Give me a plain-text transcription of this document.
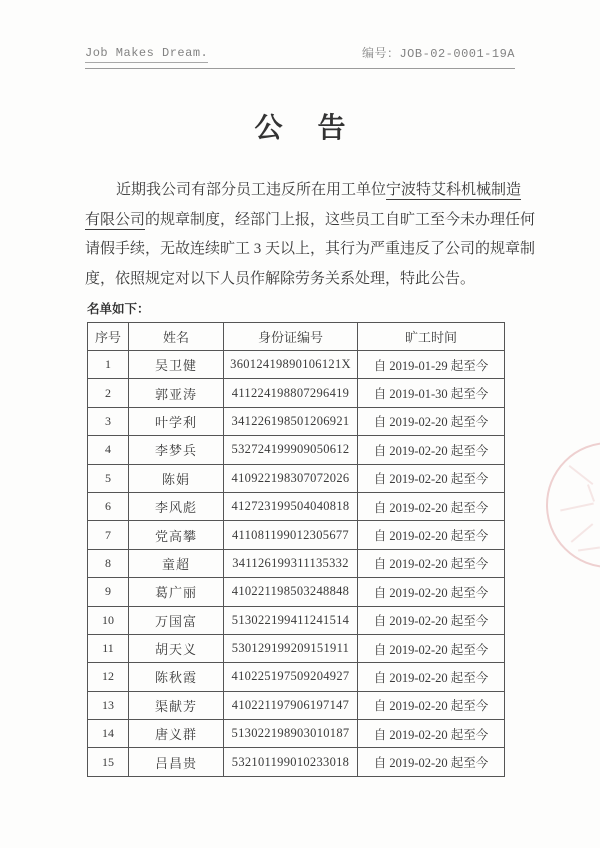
Job Makes Dream.	编号：JOB-02-0001-19A
公 告
近期我公司有部分员工违反所在用工单位宁波特艾科机械制造
有限公司的规章制度，经部门上报，这些员工自旷工至今未办理任何
请假手续，无故连续旷工 3 天以上，其行为严重违反了公司的规章制
度，依照规定对以下人员作解除劳务关系处理，特此公告。
名单如下：
序号	姓名	身份证编号	旷工时间
1	吴卫健	36012419890106121X	自 2019-01-29 起至今
2	郭亚涛	411224198807296419	自 2019-01-30 起至今
3	叶学利	341226198501206921	自 2019-02-20 起至今
4	李梦兵	532724199909050612	自 2019-02-20 起至今
5	陈娟	410922198307072026	自 2019-02-20 起至今
6	李风彪	412723199504040818	自 2019-02-20 起至今
7	党高攀	411081199012305677	自 2019-02-20 起至今
8	童超	341126199311135332	自 2019-02-20 起至今
9	葛广丽	410221198503248848	自 2019-02-20 起至今
10	万国富	513022199411241514	自 2019-02-20 起至今
11	胡天义	530129199209151911	自 2019-02-20 起至今
12	陈秋霞	410225197509204927	自 2019-02-20 起至今
13	渠献芳	410221197906197147	自 2019-02-20 起至今
14	唐义群	513022198903010187	自 2019-02-20 起至今
15	吕昌贵	532101199010233018	自 2019-02-20 起至今
